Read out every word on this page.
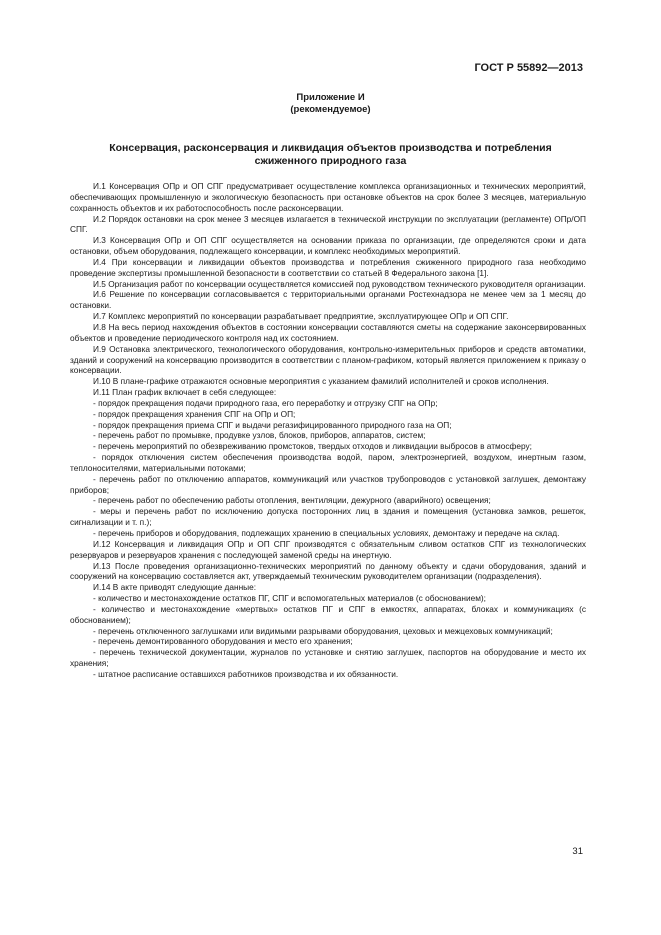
ГОСТ Р 55892—2013
Приложение И
(рекомендуемое)
Консервация, расконсервация и ликвидация объектов производства и потребления
сжиженного природного газа

И.1 Консервация ОПр и ОП СПГ предусматривает осуществление комплекса организационных и технических мероприятий, обеспечивающих промышленную и экологическую безопасность при остановке объектов на срок более 3 месяцев, материальную сохранность объектов и их работоспособность после расконсервации.

И.2 Порядок остановки на срок менее 3 месяцев излагается в технической инструкции по эксплуатации (регламенте) ОПр/ОП СПГ.

И.3 Консервация ОПр и ОП СПГ осуществляется на основании приказа по организации, где определяются сроки и дата остановки, объем оборудования, подлежащего консервации, и комплекс необходимых мероприятий.

И.4 При консервации и ликвидации объектов производства и потребления сжиженного природного газа необходимо проведение экспертизы промышленной безопасности в соответствии со статьей 8 Федерального закона [1].

И.5 Организация работ по консервации осуществляется комиссией под руководством технического руководителя организации.

И.6 Решение по консервации согласовывается с территориальными органами Ростехнадзора не менее чем за 1 месяц до остановки.

И.7 Комплекс мероприятий по консервации разрабатывает предприятие, эксплуатирующее ОПр и ОП СПГ.

И.8 На весь период нахождения объектов в состоянии консервации составляются сметы на содержание законсервированных объектов и проведение периодического контроля над их состоянием.

И.9 Остановка электрического, технологического оборудования, контрольно-измерительных приборов и средств автоматики, зданий и сооружений на консервацию производится в соответствии с планом-графиком, который является приложением к приказу о консервации.

И.10 В плане-графике отражаются основные мероприятия с указанием фамилий исполнителей и сроков исполнения.

И.11 План график включает в себя следующее:

- порядок прекращения подачи природного газа, его переработку и отгрузку СПГ на ОПр;

- порядок прекращения хранения СПГ на ОПр и ОП;

- порядок прекращения приема СПГ и выдачи регазифицированного природного газа на ОП;

- перечень работ по промывке, продувке узлов, блоков, приборов, аппаратов, систем;

- перечень мероприятий по обезвреживанию промстоков, твердых отходов и ликвидации выбросов в атмосферу;

- порядок отключения систем обеспечения производства водой, паром, электроэнергией, воздухом, инертным газом, теплоносителями, материальными потоками;

- перечень работ по отключению аппаратов, коммуникаций или участков трубопроводов с установкой заглушек, демонтажу приборов;

- перечень работ по обеспечению работы отопления, вентиляции, дежурного (аварийного) освещения;

- меры и перечень работ по исключению допуска посторонних лиц в здания и помещения (установка замков, решеток, сигнализации и т. п.);

- перечень приборов и оборудования, подлежащих хранению в специальных условиях, демонтажу и передаче на склад.

И.12 Консервация и ликвидация ОПр и ОП СПГ производятся с обязательным сливом остатков СПГ из технологических резервуаров и резервуаров хранения с последующей заменой среды на инертную.

И.13 После проведения организационно-технических мероприятий по данному объекту и сдачи оборудования, зданий и сооружений на консервацию составляется акт, утверждаемый техническим руководителем организации (подразделения).

И.14 В акте приводят следующие данные:

- количество и местонахождение остатков ПГ, СПГ и вспомогательных материалов (с обоснованием);

- количество и местонахождение «мертвых» остатков ПГ и СПГ в емкостях, аппаратах, блоках и коммуникациях (с обоснованием);

- перечень отключенного заглушками или видимыми разрывами оборудования, цеховых и межцеховых коммуникаций;

- перечень демонтированного оборудования и место его хранения;

- перечень технической документации, журналов по установке и снятию заглушек, паспортов на оборудование и место их хранения;

- штатное расписание оставшихся работников производства и их обязанности.

31
